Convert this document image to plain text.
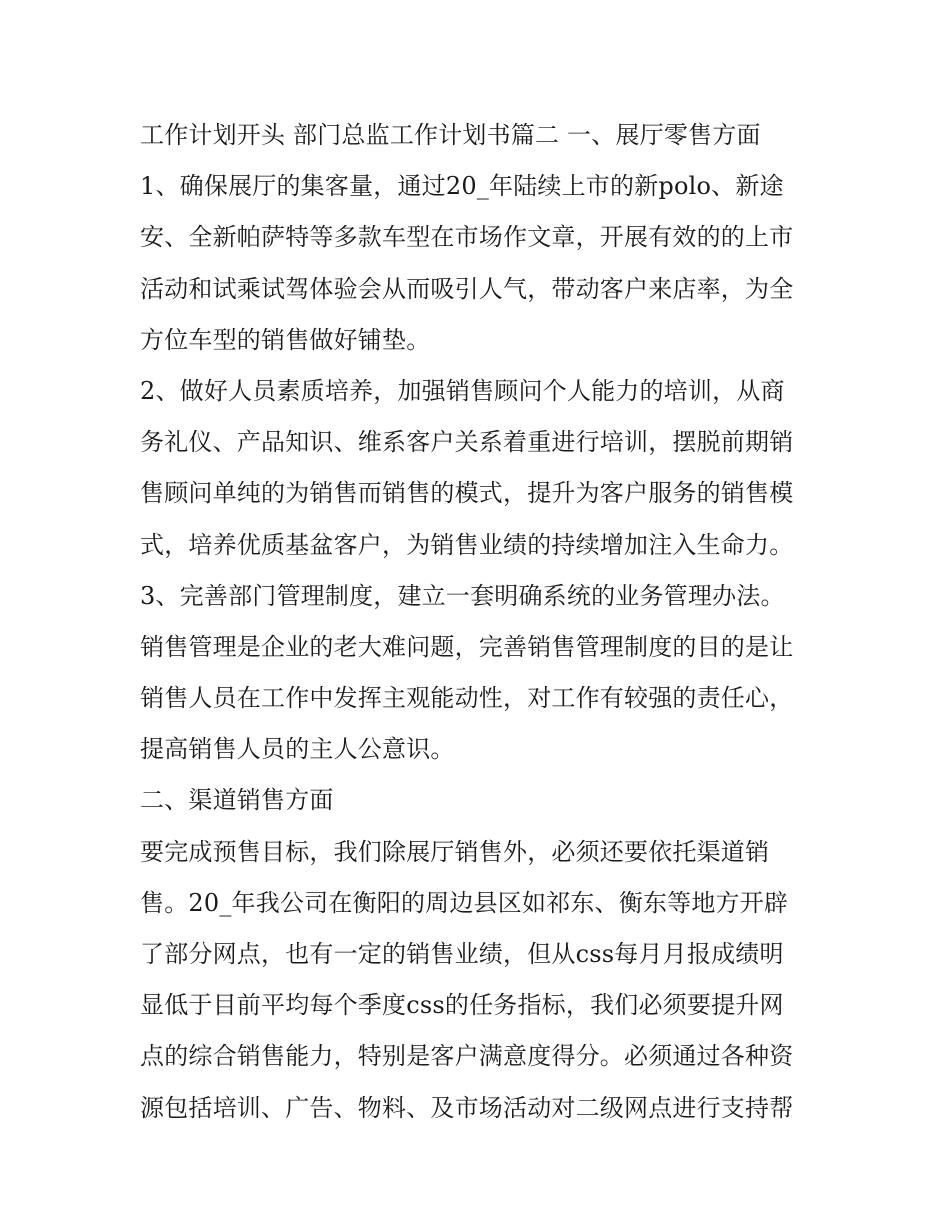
工作计划开头 部门总监工作计划书篇二 一、展厅零售方面
1、确保展厅的集客量，通过20_年陆续上市的新polo、新途
安、全新帕萨特等多款车型在市场作文章，开展有效的的上市
活动和试乘试驾体验会从而吸引人气，带动客户来店率，为全
方位车型的销售做好铺垫。
2、做好人员素质培养，加强销售顾问个人能力的培训，从商
务礼仪、产品知识、维系客户关系着重进行培训，摆脱前期销
售顾问单纯的为销售而销售的模式，提升为客户服务的销售模
式，培养优质基盆客户，为销售业绩的持续增加注入生命力。
3、完善部门管理制度，建立一套明确系统的业务管理办法。
销售管理是企业的老大难问题，完善销售管理制度的目的是让
销售人员在工作中发挥主观能动性，对工作有较强的责任心，
提高销售人员的主人公意识。
二、渠道销售方面
要完成预售目标，我们除展厅销售外，必须还要依托渠道销
售。20_年我公司在衡阳的周边县区如祁东、衡东等地方开辟
了部分网点，也有一定的销售业绩，但从css每月月报成绩明
显低于目前平均每个季度css的任务指标，我们必须要提升网
点的综合销售能力，特别是客户满意度得分。必须通过各种资
源包括培训、广告、物料、及市场活动对二级网点进行支持帮
